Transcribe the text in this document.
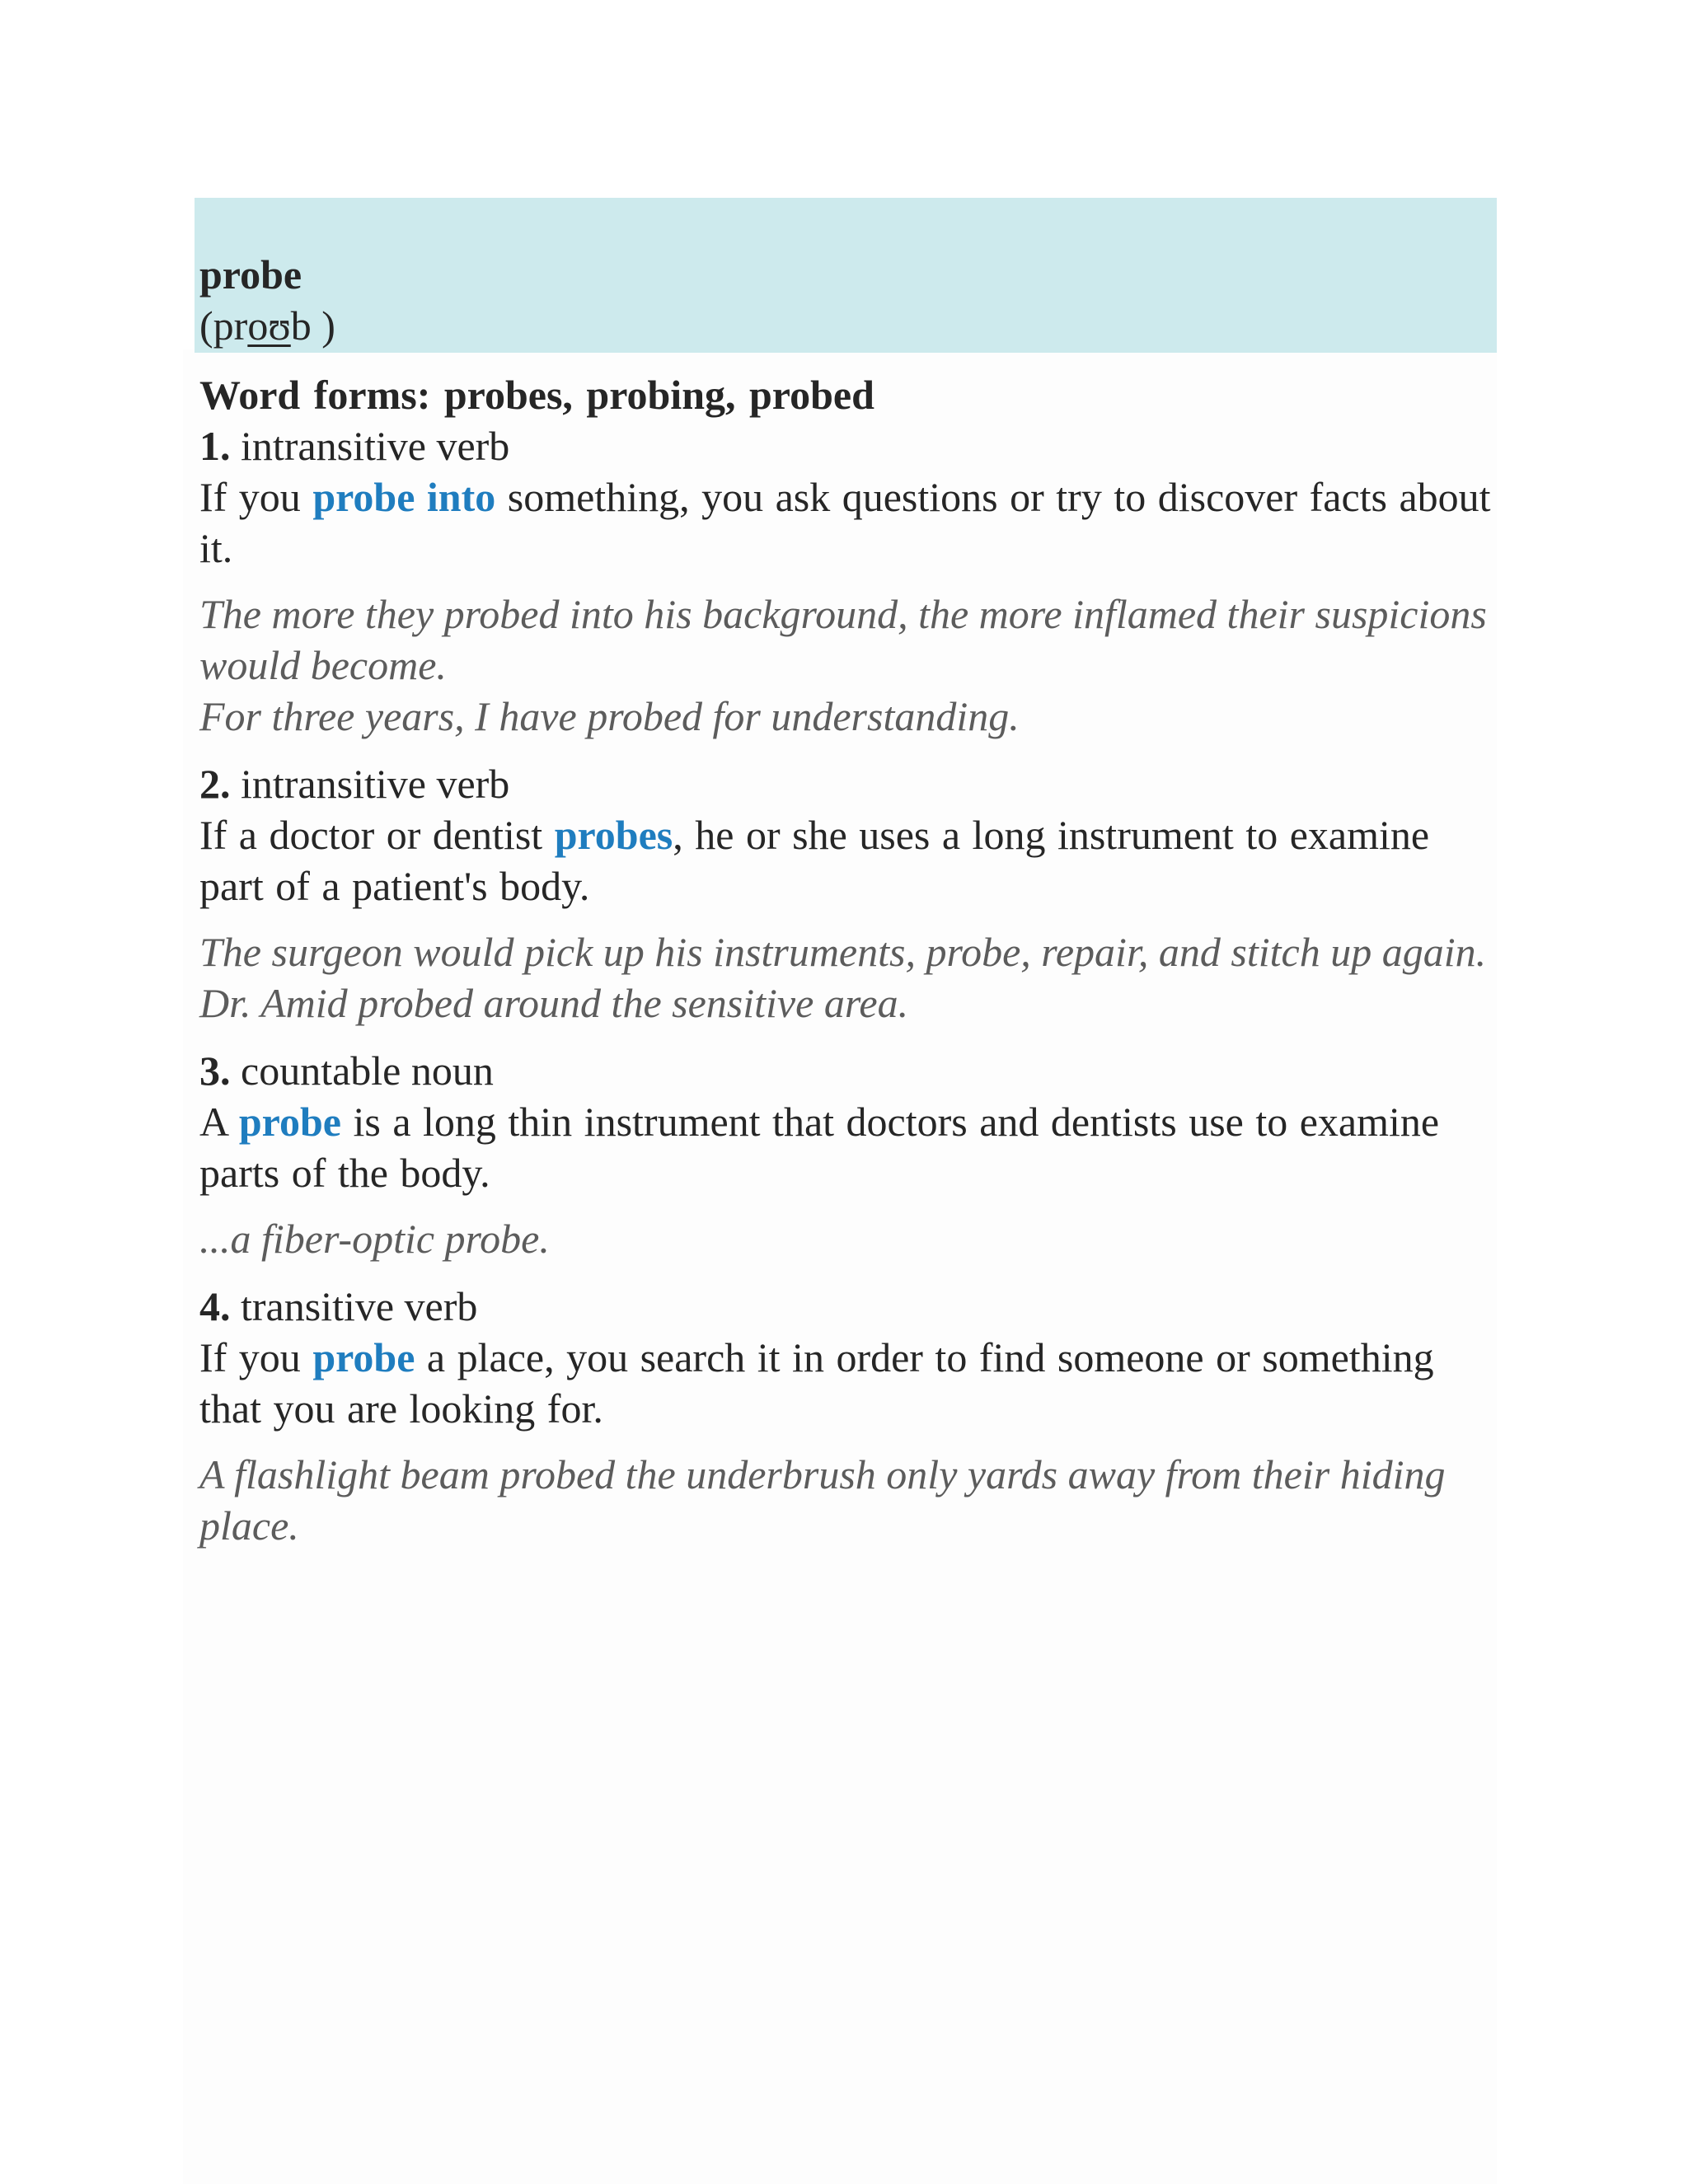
probe
(proʊb )
Word forms: probes, probing, probed
1. intransitive verb
If you probe into something, you ask questions or try to discover facts about it.
The more they probed into his background, the more inflamed their suspicions would become.
For three years, I have probed for understanding.
2. intransitive verb
If a doctor or dentist probes, he or she uses a long instrument to examine part of a patient's body.
The surgeon would pick up his instruments, probe, repair, and stitch up again.
Dr. Amid probed around the sensitive area.
3. countable noun
A probe is a long thin instrument that doctors and dentists use to examine parts of the body.
...a fiber-optic probe.
4. transitive verb
If you probe a place, you search it in order to find someone or something that you are looking for.
A flashlight beam probed the underbrush only yards away from their hiding place.
